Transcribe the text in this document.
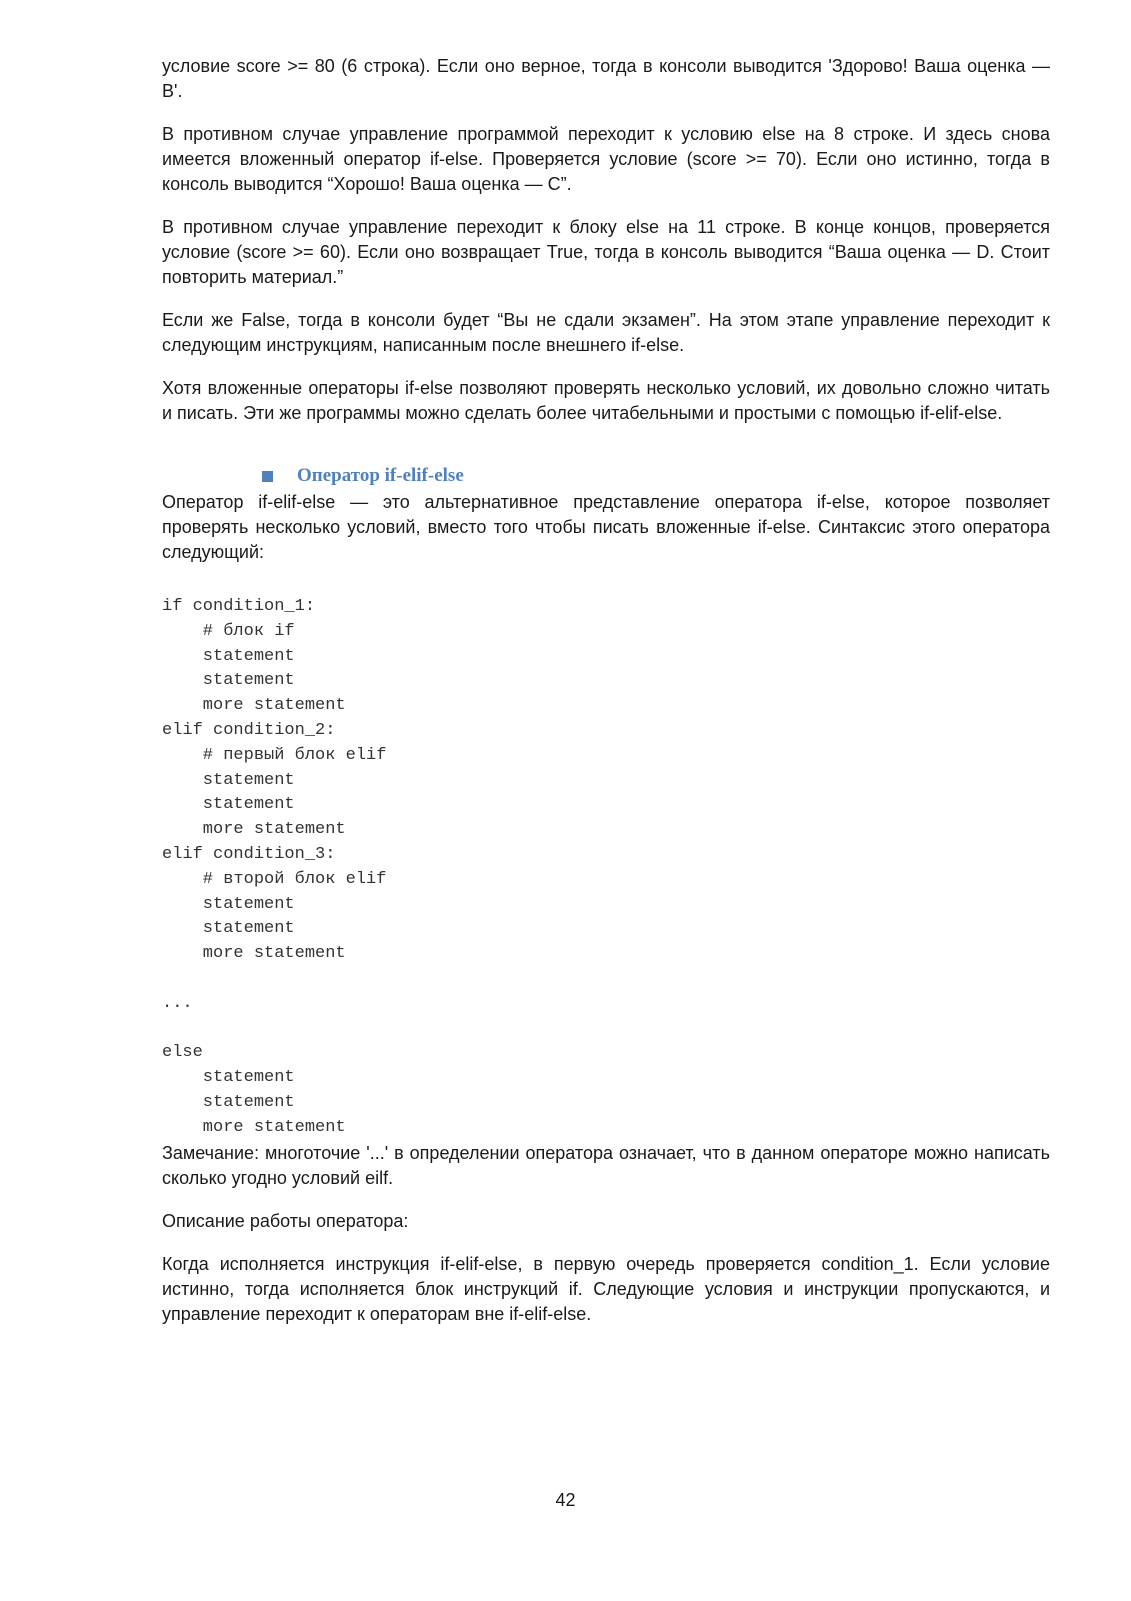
условие score >= 80 (6 строка). Если оно верное, тогда в консоли выводится 'Здорово! Ваша оценка — B'.

В противном случае управление программой переходит к условию else на 8 строке. И здесь снова имеется вложенный оператор if-else. Проверяется условие (score >= 70). Если оно истинно, тогда в консоль выводится “Хорошо! Ваша оценка — C”.

В противном случае управление переходит к блоку else на 11 строке. В конце концов, проверяется условие (score >= 60). Если оно возвращает True, тогда в консоль выводится “Ваша оценка — D. Стоит повторить материал.”

Если же False, тогда в консоли будет “Вы не сдали экзамен”. На этом этапе управление переходит к следующим инструкциям, написанным после внешнего if-else.

Хотя вложенные операторы if-else позволяют проверять несколько условий, их довольно сложно читать и писать. Эти же программы можно сделать более читабельными и простыми с помощью if-elif-else.

Оператор if-elif-else

Оператор if-elif-else — это альтернативное представление оператора if-else, которое позволяет проверять несколько условий, вместо того чтобы писать вложенные if-else. Синтаксис этого оператора следующий:

if condition_1:
# блок if
statement
statement
more statement
elif condition_2:
# первый блок elif
statement
statement
more statement
elif condition_3:
# второй блок elif
statement
statement
more statement

...

else
statement
statement
more statement

Замечание: многоточие '...' в определении оператора означает, что в данном операторе можно написать сколько угодно условий eilf.

Описание работы оператора:

Когда исполняется инструкция if-elif-else, в первую очередь проверяется condition_1. Если условие истинно, тогда исполняется блок инструкций if. Следующие условия и инструкции пропускаются, и управление переходит к операторам вне if-elif-else.

42
